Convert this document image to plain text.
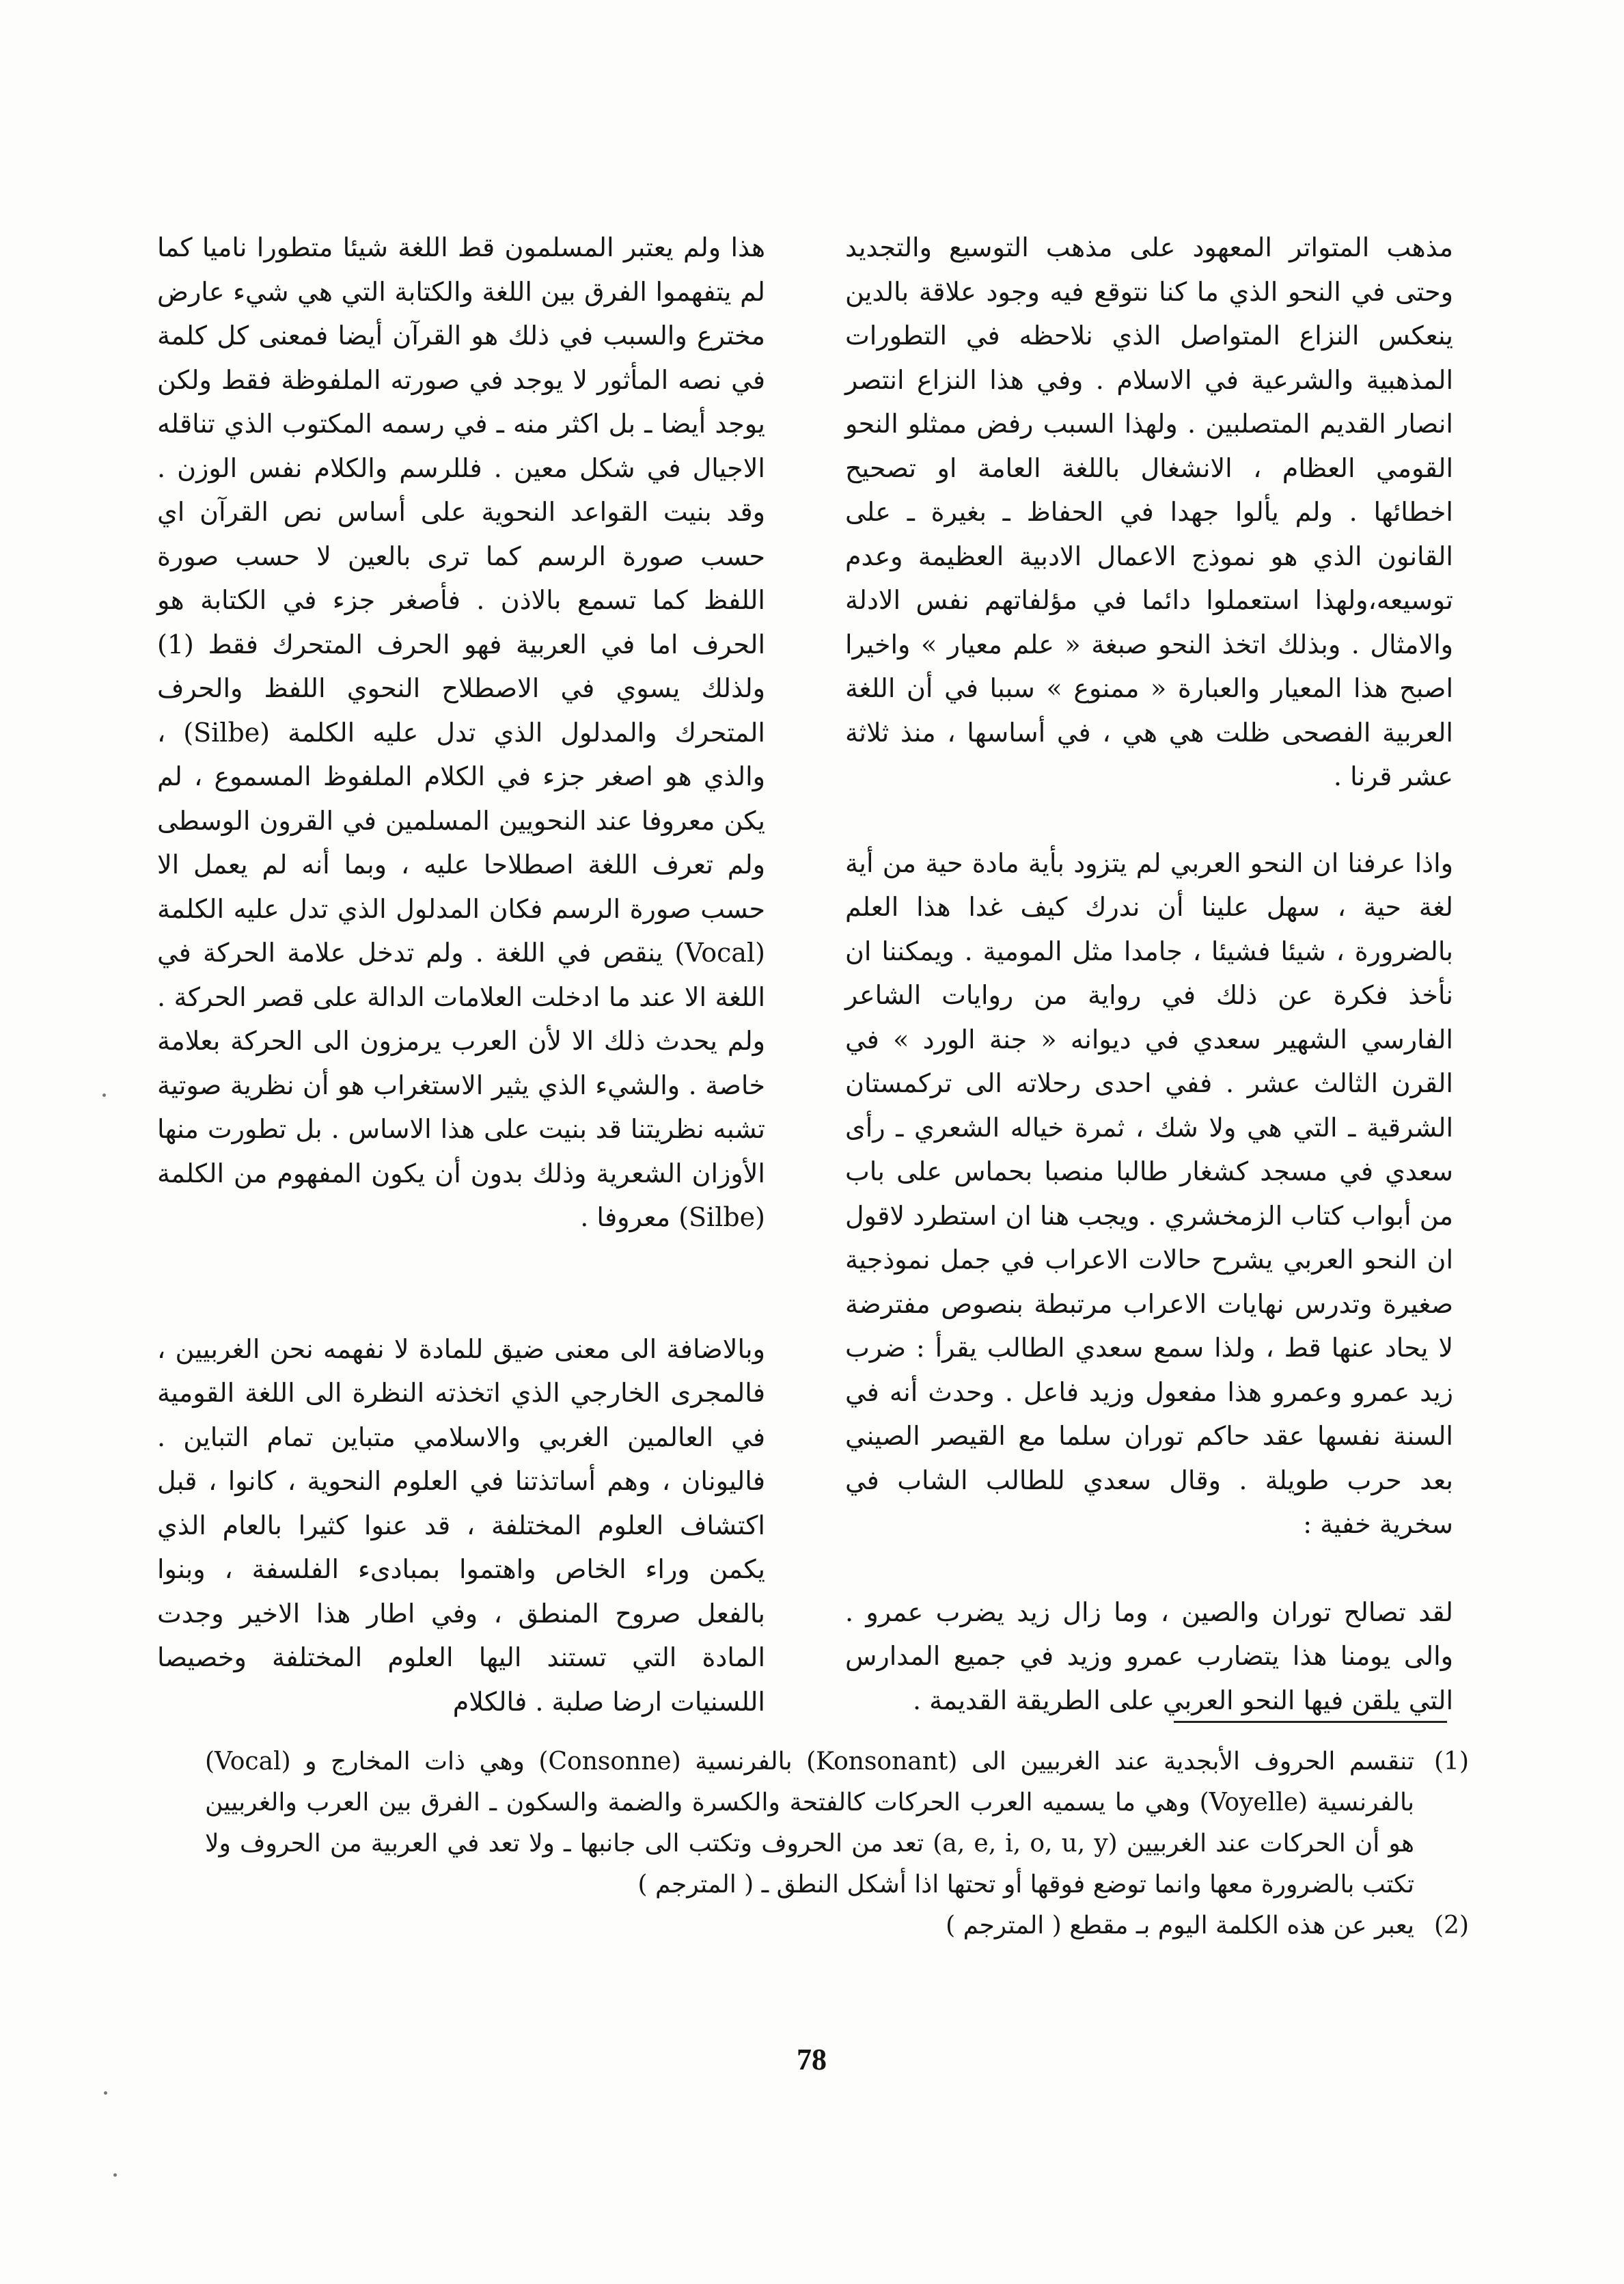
مذهب المتواتر المعهود على مذهب التوسيع والتجديد وحتى في النحو الذي ما كنا نتوقع فيه وجود علاقة بالدين ينعكس النزاع المتواصل الذي نلاحظه في التطورات المذهبية والشرعية في الاسلام . وفي هذا النزاع انتصر انصار القديم المتصلبين . ولهذا السبب رفض ممثلو النحو القومي العظام ، الانشغال باللغة العامة او تصحيح اخطائها . ولم يألوا جهدا في الحفاظ ـ بغيرة ـ على القانون الذي هو نموذج الاعمال الادبية العظيمة وعدم توسيعه،ولهذا استعملوا دائما في مؤلفاتهم نفس الادلة والامثال . وبذلك اتخذ النحو صبغة « علم معيار » واخيرا اصبح هذا المعيار والعبارة « ممنوع » سببا في أن اللغة العربية الفصحى ظلت هي هي ، في أساسها ، منذ ثلاثة عشر قرنا .

واذا عرفنا ان النحو العربي لم يتزود بأية مادة حية من أية لغة حية ، سهل علينا أن ندرك كيف غدا هذا العلم بالضرورة ، شيئا فشيئا ، جامدا مثل المومية . ويمكننا ان نأخذ فكرة عن ذلك في رواية من روايات الشاعر الفارسي الشهير سعدي في ديوانه « جنة الورد » في القرن الثالث عشر . ففي احدى رحلاته الى تركمستان الشرقية ـ التي هي ولا شك ، ثمرة خياله الشعري ـ رأى سعدي في مسجد كشغار طالبا منصبا بحماس على باب من أبواب كتاب الزمخشري . ويجب هنا ان استطرد لاقول ان النحو العربي يشرح حالات الاعراب في جمل نموذجية صغيرة وتدرس نهايات الاعراب مرتبطة بنصوص مفترضة لا يحاد عنها قط ، ولذا سمع سعدي الطالب يقرأ : ضرب زيد عمرو وعمرو هذا مفعول وزيد فاعل . وحدث أنه في السنة نفسها عقد حاكم توران سلما مع القيصر الصيني بعد حرب طويلة . وقال سعدي للطالب الشاب في سخرية خفية :

لقد تصالح توران والصين ، وما زال زيد يضرب عمرو . والى يومنا هذا يتضارب عمرو وزيد في جميع المدارس التي يلقن فيها النحو العربي على الطريقة القديمة .

هذا ولم يعتبر المسلمون قط اللغة شيئا متطورا ناميا كما لم يتفهموا الفرق بين اللغة والكتابة التي هي شيء عارض مخترع والسبب في ذلك هو القرآن أيضا فمعنى كل كلمة في نصه المأثور لا يوجد في صورته الملفوظة فقط ولكن يوجد أيضا ـ بل اكثر منه ـ في رسمه المكتوب الذي تناقله الاجيال في شكل معين . فللرسم والكلام نفس الوزن . وقد بنيت القواعد النحوية على أساس نص القرآن اي حسب صورة الرسم كما ترى بالعين لا حسب صورة اللفظ كما تسمع بالاذن . فأصغر جزء في الكتابة هو الحرف اما في العربية فهو الحرف المتحرك فقط (1) ولذلك يسوي في الاصطلاح النحوي اللفظ والحرف المتحرك والمدلول الذي تدل عليه الكلمة (Silbe) ، والذي هو اصغر جزء في الكلام الملفوظ المسموع ، لم يكن معروفا عند النحويين المسلمين في القرون الوسطى ولم تعرف اللغة اصطلاحا عليه ، وبما أنه لم يعمل الا حسب صورة الرسم فكان المدلول الذي تدل عليه الكلمة (Vocal) ينقص في اللغة . ولم تدخل علامة الحركة في اللغة الا عند ما ادخلت العلامات الدالة على قصر الحركة . ولم يحدث ذلك الا لأن العرب يرمزون الى الحركة بعلامة خاصة . والشيء الذي يثير الاستغراب هو أن نظرية صوتية تشبه نظريتنا قد بنيت على هذا الاساس . بل تطورت منها الأوزان الشعرية وذلك بدون أن يكون المفهوم من الكلمة (Silbe) معروفا .

وبالاضافة الى معنى ضيق للمادة لا نفهمه نحن الغربيين ، فالمجرى الخارجي الذي اتخذته النظرة الى اللغة القومية في العالمين الغربي والاسلامي متباين تمام التباين . فاليونان ، وهم أساتذتنا في العلوم النحوية ، كانوا ، قبل اكتشاف العلوم المختلفة ، قد عنوا كثيرا بالعام الذي يكمن وراء الخاص واهتموا بمبادىء الفلسفة ، وبنوا بالفعل صروح المنطق ، وفي اطار هذا الاخير وجدت المادة التي تستند اليها العلوم المختلفة وخصيصا اللسنيات ارضا صلبة . فالكلام

(1)
تنقسم الحروف الأبجدية عند الغربيين الى (Konsonant) بالفرنسية (Consonne) وهي ذات المخارج و (Vocal) بالفرنسية (Voyelle) وهي ما يسميه العرب الحركات كالفتحة والكسرة والضمة والسكون ـ الفرق بين العرب والغربيين هو أن الحركات عند الغربيين (a, e, i, o, u, y) تعد من الحروف وتكتب الى جانبها ـ ولا تعد في العربية من الحروف ولا تكتب بالضرورة معها وانما توضع فوقها أو تحتها اذا أشكل النطق ـ ( المترجم )

(2)
يعبر عن هذه الكلمة اليوم بـ مقطع ( المترجم )

78
